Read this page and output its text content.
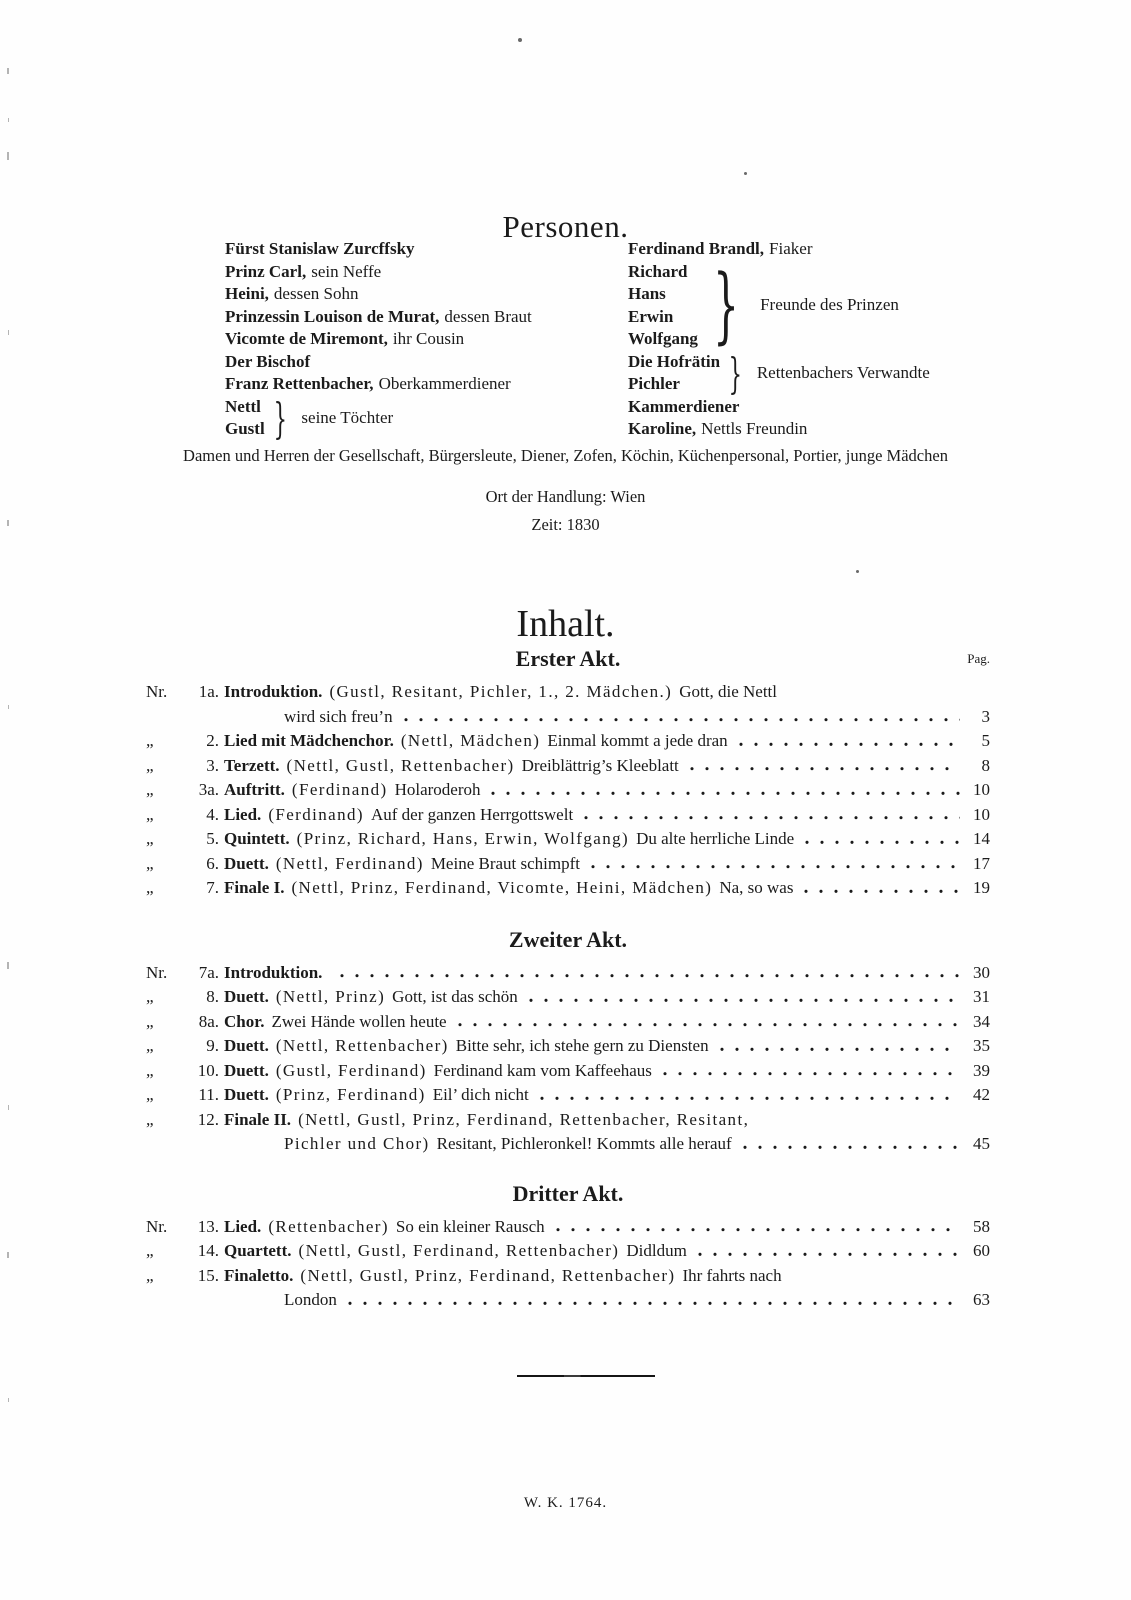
Personen.
Fürst Stanislaw Zurcffsky
Prinz Carl, sein Neffe
Heini, dessen Sohn
Prinzessin Louison de Murat, dessen Braut
Vicomte de Miremont, ihr Cousin
Der Bischof
Franz Rettenbacher, Oberkammerdiener
Nettl
Gustl } seine Töchter
Ferdinand Brandl, Fiaker
Richard
Hans
Erwin
Wolfgang } Freunde des Prinzen
Die Hofrätin
Pichler	} Rettenbachers Verwandte
Kammerdiener
Karoline, Nettls Freundin
Damen und Herren der Gesellschaft, Bürgersleute, Diener, Zofen, Köchin, Küchenpersonal, Portier, junge Mädchen
Ort der Handlung: Wien
Zeit: 1830
Inhalt.
Pag.
Erster Akt.
Nr.	1a. Introduktion. (Gustl, Resitant, Pichler, 1., 2. Mädchen.) Gott, die Nettl
wird sich freu’n	3
„	2. Lied mit Mädchenchor. (Nettl, Mädchen) Einmal kommt a jede dran	5
„	3. Terzett. (Nettl, Gustl, Rettenbacher) Dreiblättrig’s Kleeblatt	8
„	3a. Auftritt. (Ferdinand) Holaroderoh	10
„	4. Lied. (Ferdinand) Auf der ganzen Herrgottswelt	10
„	5. Quintett. (Prinz, Richard, Hans, Erwin, Wolfgang) Du alte herrliche Linde	14
„	6. Duett. (Nettl, Ferdinand) Meine Braut schimpft	17
„	7. Finale I. (Nettl, Prinz, Ferdinand, Vicomte, Heini, Mädchen) Na, so was	19
Zweiter Akt.
Nr.	7a. Introduktion.	30
„	8. Duett. (Nettl, Prinz) Gott, ist das schön	31
„	8a. Chor. Zwei Hände wollen heute	34
„	9. Duett. (Nettl, Rettenbacher) Bitte sehr, ich stehe gern zu Diensten	35
„	10. Duett. (Gustl, Ferdinand) Ferdinand kam vom Kaffeehaus	39
„	11. Duett. (Prinz, Ferdinand) Eil’ dich nicht	42
„	12. Finale II. (Nettl, Gustl, Prinz, Ferdinand, Rettenbacher, Resitant,
Pichler und Chor) Resitant, Pichleronkel! Kommts alle herauf	45
Dritter Akt.
Nr.	13. Lied. (Rettenbacher) So ein kleiner Rausch	58
„	14. Quartett. (Nettl, Gustl, Ferdinand, Rettenbacher) Didldum	60
„	15. Finaletto. (Nettl, Gustl, Prinz, Ferdinand, Rettenbacher) Ihr fahrts nach
London	63
W. K. 1764.
